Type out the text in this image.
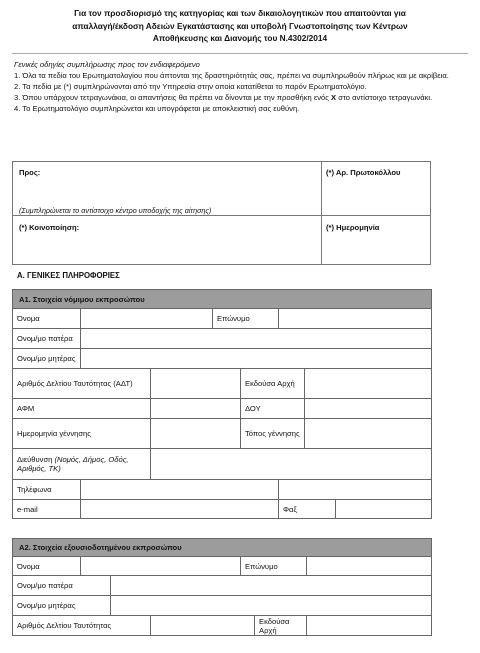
Για τον προσδιορισμό της κατηγορίας και των δικαιολογητικών που απαιτούνται για
απαλλαγή/έκδοση Αδειών Εγκατάστασης και υποβολή Γνωστοποίησης των Κέντρων
Αποθήκευσης και Διανομής του Ν.4302/2014

Γενικές οδηγίες συμπλήρωσης προς τον ενδιαφερόμενο

1. Όλα τα πεδία του Ερωτηματολογίου που άπτονται της δραστηριότητάς σας, πρέπει να συμπληρωθούν πλήρως και με ακρίβεια.

2. Τα πεδία με (*) συμπληρώνονται από την Υπηρεσία στην οποία κατατίθεται το παρόν Ερωτηματολόγιο.

3. Όπου υπάρχουν τετραγωνάκια, οι απαντήσεις θα πρέπει να δίνονται με την προσθήκη ενός X στο αντίστοιχο τετραγωνάκι.

4. Το Ερωτηματολόγιο συμπληρώνεται και υπογράφεται με αποκλειστική σας ευθύνη.

Προς:
(Συμπληρώνεται το αντίστοιχο κέντρο υποδοχής της αίτησης)
(*) Αρ. Πρωτοκόλλου
(*) Κοινοποίηση:	(*) Ημερομηνία
Α. ΓΕΝΙΚΕΣ ΠΛΗΡΟΦΟΡΙΕΣ
Α1. Στοιχεία νόμιμου εκπροσώπου							
Όνομα			Επώνυμο				
Ονομ/μο πατέρα							
Ονομ/μο μητέρας							
Αριθμός Δελτίου Ταυτότητας (ΑΔΤ)				Εκδούσα Αρχή			
ΑΦΜ				ΔΟΥ			
Ημερομηνία γέννησης				Τόπος γέννησης			
Διεύθυνση (Νομός, Δήμος, Οδός, Αριθμός, ΤΚ)							
Τηλέφωνα							
e-mail					Φαξ		
Α2. Στοιχεία εξουσιοδοτημένου εκπροσώπου						
Όνομα				Επώνυμο		
Ονομ/μο πατέρα						
Ονομ/μο μητέρας						
Αριθμός Δελτίου Ταυτότητας					Εκδούσα Αρχή	
